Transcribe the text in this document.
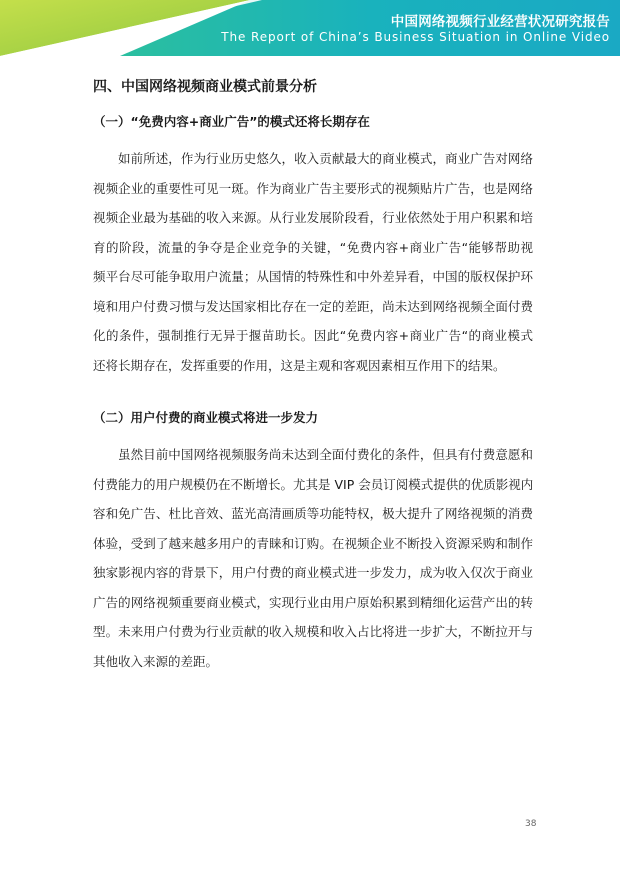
中国网络视频行业经营状况研究报告
The Report of China’s Business Situation in Online Video
四、中国网络视频商业模式前景分析
（一）“免费内容+商业广告”的模式还将长期存在
如前所述，作为行业历史悠久，收入贡献最大的商业模式，商业广告对网络
视频企业的重要性可见一斑。作为商业广告主要形式的视频贴片广告，也是网络
视频企业最为基础的收入来源。从行业发展阶段看，行业依然处于用户积累和培
育的阶段，流量的争夺是企业竞争的关键，“免费内容+商业广告“能够帮助视
频平台尽可能争取用户流量；从国情的特殊性和中外差异看，中国的版权保护环
境和用户付费习惯与发达国家相比存在一定的差距，尚未达到网络视频全面付费
化的条件，强制推行无异于揠苗助长。因此“免费内容+商业广告“的商业模式
还将长期存在，发挥重要的作用，这是主观和客观因素相互作用下的结果。
（二）用户付费的商业模式将进一步发力
虽然目前中国网络视频服务尚未达到全面付费化的条件，但具有付费意愿和
付费能力的用户规模仍在不断增长。尤其是 VIP 会员订阅模式提供的优质影视内
容和免广告、杜比音效、蓝光高清画质等功能特权，极大提升了网络视频的消费
体验，受到了越来越多用户的青睐和订购。在视频企业不断投入资源采购和制作
独家影视内容的背景下，用户付费的商业模式进一步发力，成为收入仅次于商业
广告的网络视频重要商业模式，实现行业由用户原始积累到精细化运营产出的转
型。未来用户付费为行业贡献的收入规模和收入占比将进一步扩大，不断拉开与
其他收入来源的差距。
38
